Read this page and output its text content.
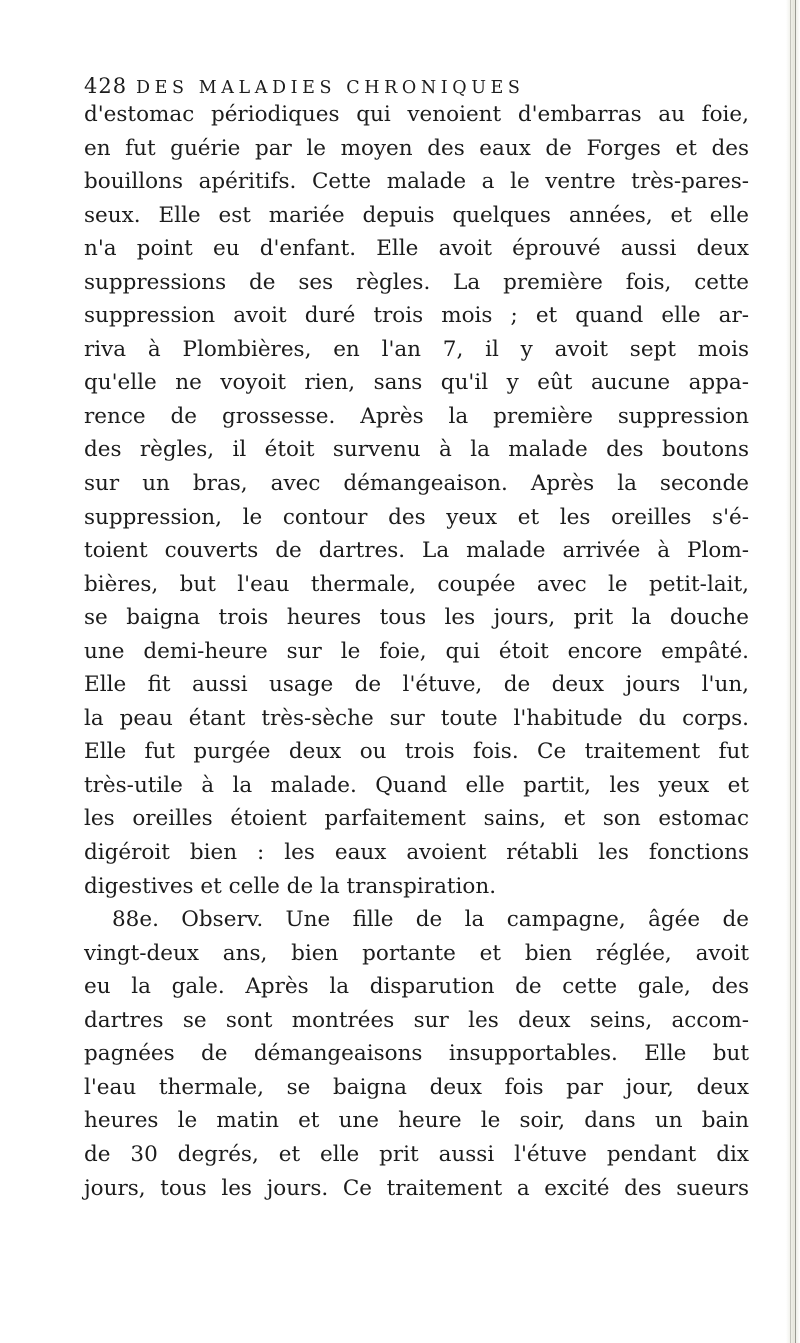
428 DES MALADIES CHRONIQUES
d'estomac périodiques qui venoient d'embarras au foie,
en fut guérie par le moyen des eaux de Forges et des
bouillons apéritifs. Cette malade a le ventre très-pares-
seux. Elle est mariée depuis quelques années, et elle
n'a point eu d'enfant. Elle avoit éprouvé aussi deux
suppressions de ses règles. La première fois, cette
suppression avoit duré trois mois ; et quand elle ar-
riva à Plombières, en l'an 7, il y avoit sept mois
qu'elle ne voyoit rien, sans qu'il y eût aucune appa-
rence de grossesse. Après la première suppression
des règles, il étoit survenu à la malade des boutons
sur un bras, avec démangeaison. Après la seconde
suppression, le contour des yeux et les oreilles s'é-
toient couverts de dartres. La malade arrivée à Plom-
bières, but l'eau thermale, coupée avec le petit-lait,
se baigna trois heures tous les jours, prit la douche
une demi-heure sur le foie, qui étoit encore empâté.
Elle fit aussi usage de l'étuve, de deux jours l'un,
la peau étant très-sèche sur toute l'habitude du corps.
Elle fut purgée deux ou trois fois. Ce traitement fut
très-utile à la malade. Quand elle partit, les yeux et
les oreilles étoient parfaitement sains, et son estomac
digéroit bien : les eaux avoient rétabli les fonctions
digestives et celle de la transpiration.
88e. Observ. Une fille de la campagne, âgée de
vingt-deux ans, bien portante et bien réglée, avoit
eu la gale. Après la disparution de cette gale, des
dartres se sont montrées sur les deux seins, accom-
pagnées de démangeaisons insupportables. Elle but
l'eau thermale, se baigna deux fois par jour, deux
heures le matin et une heure le soir, dans un bain
de 30 degrés, et elle prit aussi l'étuve pendant dix
jours, tous les jours. Ce traitement a excité des sueurs
